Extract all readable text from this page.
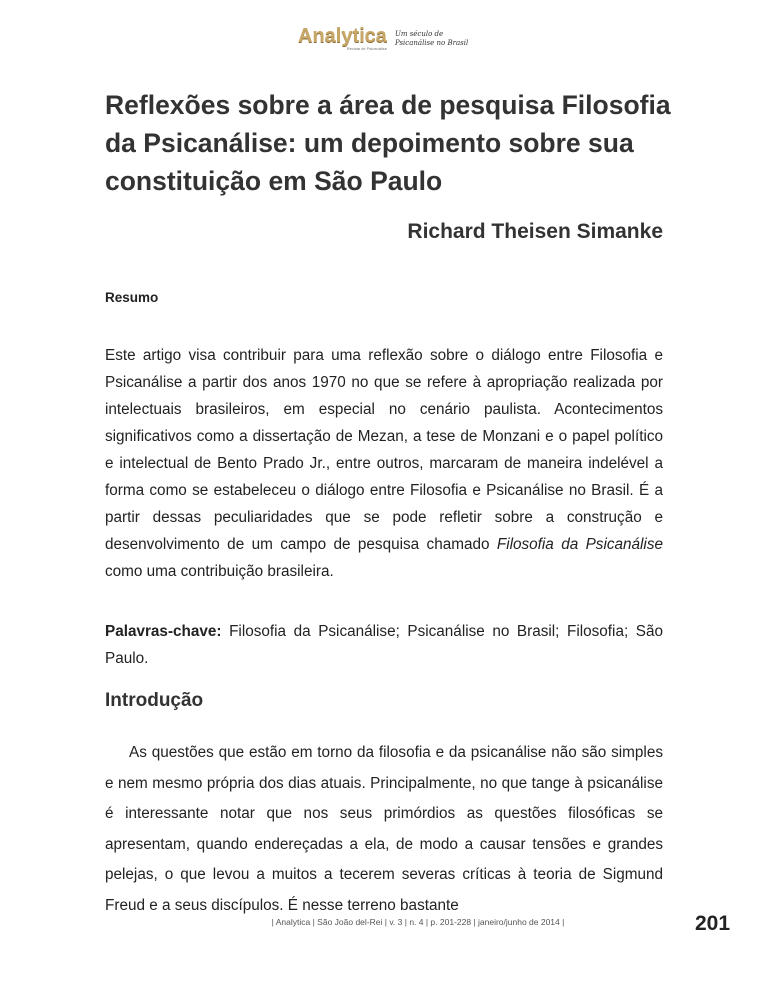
Analytica
Revista de Psicanálise
Um século de
Psicanálise no Brasil
Reflexões sobre a área de pesquisa Filosofia da Psicanálise: um depoimento sobre sua constituição em São Paulo
Richard Theisen Simanke
Resumo
Este artigo visa contribuir para uma reflexão sobre o diálogo entre Filosofia e Psicanálise a partir dos anos 1970 no que se refere à apropriação realizada por intelectuais brasileiros, em especial no cenário paulista. Acontecimentos significativos como a dissertação de Mezan, a tese de Monzani e o papel político e intelectual de Bento Prado Jr., entre outros, marcaram de maneira indelével a forma como se estabeleceu o diálogo entre Filosofia e Psicanálise no Brasil. É a partir dessas peculiaridades que se pode refletir sobre a construção e desenvolvimento de um campo de pesquisa chamado Filosofia da Psicanálise como uma contribuição brasileira.
Palavras-chave: Filosofia da Psicanálise; Psicanálise no Brasil; Filosofia; São Paulo.
Introdução
As questões que estão em torno da filosofia e da psicanálise não são simples e nem mesmo própria dos dias atuais. Principalmente, no que tange à psicanálise é interessante notar que nos seus primórdios as questões filosóficas se apresentam, quando endereçadas a ela, de modo a causar tensões e grandes pelejas, o que levou a muitos a tecerem severas críticas à teoria de Sigmund Freud e a seus discípulos. É nesse terreno bastante
| Analytica | São João del-Rei | v. 3 | n. 4 | p. 201-228 | janeiro/junho de 2014 |	201
